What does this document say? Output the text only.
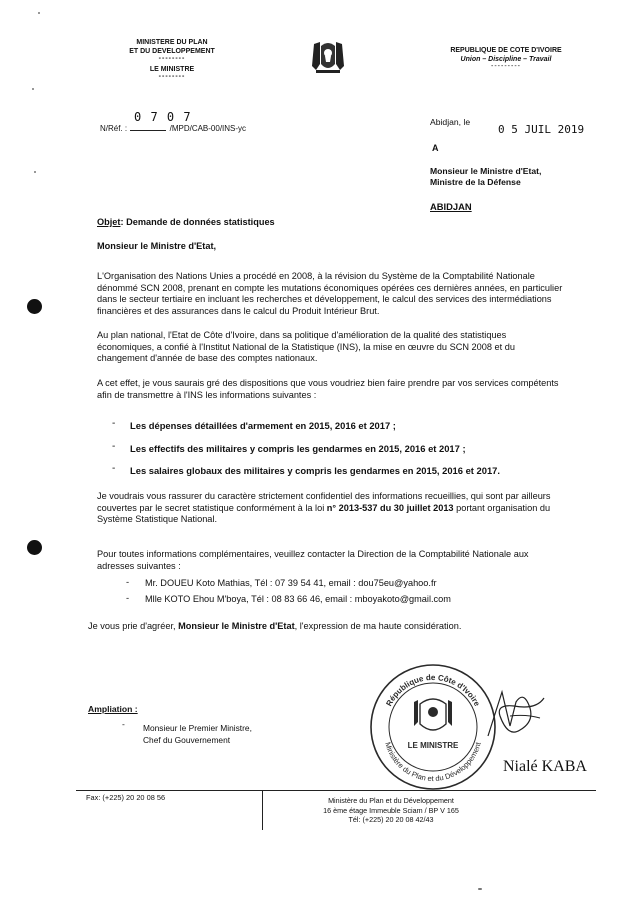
MINISTERE DU PLAN
ET DU DEVELOPPEMENT
--------
LE MINISTRE
--------
REPUBLIQUE DE COTE D'IVOIRE
Union – Discipline – Travail
---------
0 7 0 7
N/Réf. :	/MPD/CAB-00/INS-yc
Abidjan, le
0 5 JUIL 2019
A
Monsieur le Ministre d'Etat,
Ministre de la Défense
ABIDJAN
Objet: Demande de données statistiques
Monsieur le Ministre d'Etat,
L'Organisation des Nations Unies a procédé en 2008, à la révision du Système de la Comptabilité Nationale
dénommé SCN 2008, prenant en compte les mutations économiques opérées ces dernières années, en particulier
dans le secteur tertiaire en incluant les recherches et développement, le calcul des services des intermédiations
financières et des assurances dans le calcul du Produit Intérieur Brut.
Au plan national, l'Etat de Côte d'Ivoire, dans sa politique d'amélioration de la qualité des statistiques
économiques, a confié à l'Institut National de la Statistique (INS), la mise en œuvre du SCN 2008 et du
changement d'année de base des comptes nationaux.
A cet effet, je vous saurais gré des dispositions que vous voudriez bien faire prendre par vos services compétents
afin de transmettre à l'INS les informations suivantes :
- Les dépenses détaillées d'armement en 2015, 2016 et 2017 ;
- Les effectifs des militaires y compris les gendarmes en 2015, 2016 et 2017 ;
- Les salaires globaux des militaires y compris les gendarmes en 2015, 2016 et 2017.
Je voudrais vous rassurer du caractère strictement confidentiel des informations recueillies, qui sont par ailleurs
couvertes par le secret statistique conformément à la loi n° 2013-537 du 30 juillet 2013 portant organisation du
Système Statistique National.
Pour toutes informations complémentaires, veuillez contacter la Direction de la Comptabilité Nationale aux
adresses suivantes :
- Mr. DOUEU Koto Mathias, Tél : 07 39 54 41, email : dou75eu@yahoo.fr
- Mlle KOTO Ehou M'boya, Tél : 08 83 66 46, email : mboyakoto@gmail.com
Je vous prie d'agréer, Monsieur le Ministre d'Etat, l'expression de ma haute considération.
Ampliation :
- Monsieur le Premier Ministre,
Chef du Gouvernement
République de Côte d'Ivoire
Ministère du Plan et du Développement
LE MINISTRE
Nialé KABA
Fax: (+225) 20 20 08 56	Ministère du Plan et du Développement
16 ème étage Immeuble Sciam / BP V 165
Tél: (+225) 20 20 08 42/43
